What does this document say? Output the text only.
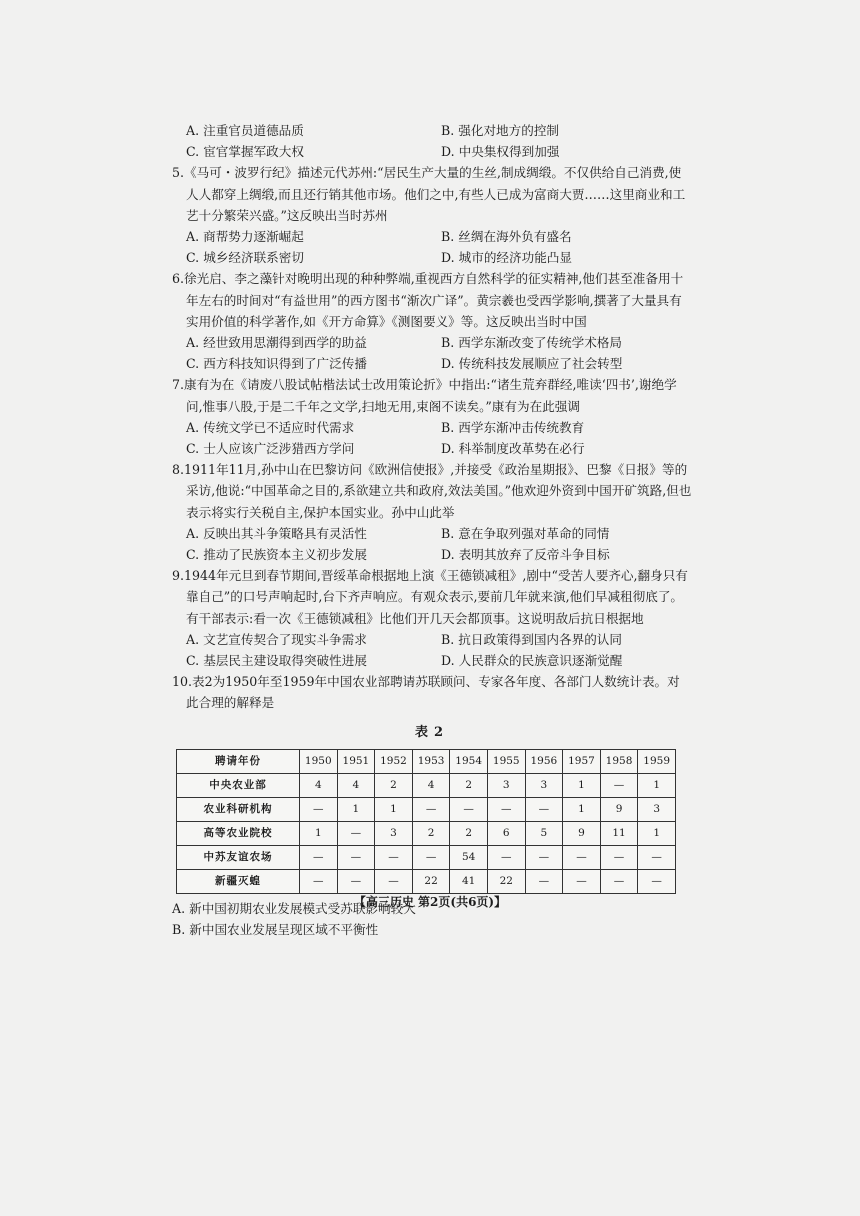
A. 注重官员道德品质	B. 强化对地方的控制
C. 宦官掌握军政大权	D. 中央集权得到加强

5.《马可・波罗行纪》描述元代苏州:“居民生产大量的生丝,制成绸缎。不仅供给自己消费,使人人都穿上绸缎,而且还行销其他市场。他们之中,有些人已成为富商大贾……这里商业和工艺十分繁荣兴盛。”这反映出当时苏州

A. 商帮势力逐渐崛起	B. 丝绸在海外负有盛名
C. 城乡经济联系密切	D. 城市的经济功能凸显

6.徐光启、李之藻针对晚明出现的种种弊端,重视西方自然科学的征实精神,他们甚至准备用十年左右的时间对“有益世用”的西方图书“渐次广译”。黄宗羲也受西学影响,撰著了大量具有实用价值的科学著作,如《开方命算》《测图要义》等。这反映出当时中国

A. 经世致用思潮得到西学的助益	B. 西学东渐改变了传统学术格局
C. 西方科技知识得到了广泛传播	D. 传统科技发展顺应了社会转型

7.康有为在《请废八股试帖楷法试士改用策论折》中指出:“诸生荒弃群经,唯读‘四书’,谢绝学问,惟事八股,于是二千年之文学,扫地无用,束阁不读矣。”康有为在此强调

A. 传统文学已不适应时代需求	B. 西学东渐冲击传统教育
C. 士人应该广泛涉猎西方学问	D. 科举制度改革势在必行

8.1911年11月,孙中山在巴黎访问《欧洲信使报》,并接受《政治星期报》、巴黎《日报》等的采访,他说:“中国革命之目的,系欲建立共和政府,效法美国。”他欢迎外资到中国开矿筑路,但也表示将实行关税自主,保护本国实业。孙中山此举

A. 反映出其斗争策略具有灵活性	B. 意在争取列强对革命的同情
C. 推动了民族资本主义初步发展	D. 表明其放弃了反帝斗争目标

9.1944年元旦到春节期间,晋绥革命根据地上演《王德锁减租》,剧中“受苦人要齐心,翻身只有靠自己”的口号声响起时,台下齐声响应。有观众表示,要前几年就来演,他们早减租彻底了。有干部表示:看一次《王德锁减租》比他们开几天会都顶事。这说明敌后抗日根据地

A. 文艺宣传契合了现实斗争需求	B. 抗日政策得到国内各界的认同
C. 基层民主建设取得突破性进展	D. 人民群众的民族意识逐渐觉醒

10.表2为1950年至1959年中国农业部聘请苏联顾问、专家各年度、各部门人数统计表。对此合理的解释是

表2
聘请年份	1950	1951	1952	1953	1954	1955	1956	1957	1958	1959
中央农业部	4	4	2	4	2	3	3	1	—	1
农业科研机构	—	1	1	—	—	—	—	1	9	3
高等农业院校	1	—	3	2	2	6	5	9	11	1
中苏友谊农场	—	—	—	—	54	—	—	—	—	—
新疆灭蝗	—	—	—	22	41	22	—	—	—	—

A. 新中国初期农业发展模式受苏联影响较大

B. 新中国农业发展呈现区域不平衡性

【高三历史 第2页(共6页)】
